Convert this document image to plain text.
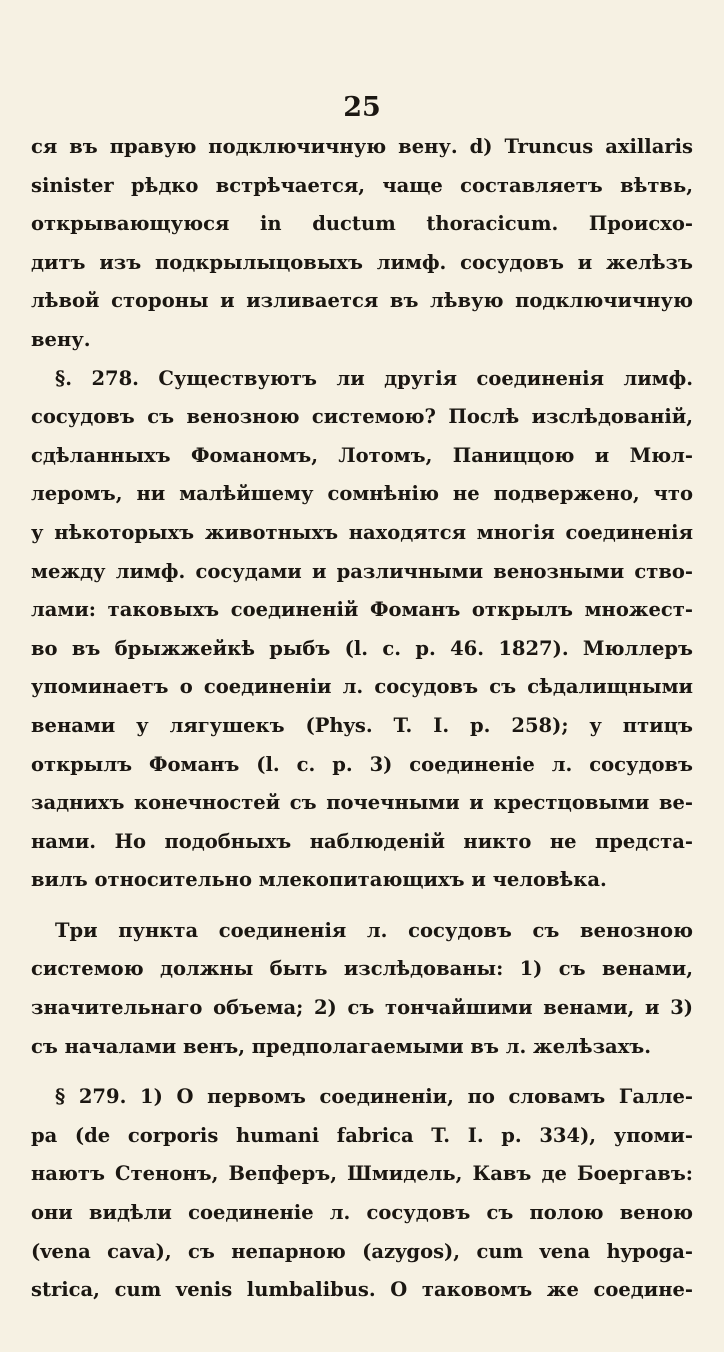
25
ся въ правую подключичную вену. d) Truncus axillaris
sinister рѣдко встрѣчается, чаще составляетъ вѣтвь,
открывающуюся in ductum thoracicum. Происхо-
дитъ изъ подкрылыцовыхъ лимф. сосудовъ и желѣзъ
лѣвой стороны и изливается въ лѣвую подключичную
вену.
§. 278. Существуютъ ли другія соединенія лимф.
сосудовъ съ венозною системою? Послѣ изслѣдованій,
сдѣланныхъ Фоманомъ, Лотомъ, Паниццою и Мюл-
леромъ, ни малѣйшему сомнѣнію не подвержено, что
у нѣкоторыхъ животныхъ находятся многія соединенія
между лимф. сосудами и различными венозными ство-
лами: таковыхъ соединеній Фоманъ открылъ множест-
во въ брыжжейкѣ рыбъ (l. c. p. 46. 1827). Мюллеръ
упоминаетъ о соединеніи л. сосудовъ съ сѣдалищными
венами у лягушекъ (Phys. T. I. p. 258); у птицъ
открылъ Фоманъ (l. c. p. 3) соединеніе л. сосудовъ
заднихъ конечностей съ почечными и крестцовыми ве-
нами. Но подобныхъ наблюденій никто не предста-
вилъ относительно млекопитающихъ и человѣка.
Три пункта соединенія л. сосудовъ съ венозною
системою должны быть изслѣдованы: 1) съ венами,
значительнаго объема; 2) съ тончайшими венами, и 3)
съ началами венъ, предполагаемыми въ л. желѣзахъ.
§ 279. 1) О первомъ соединеніи, по словамъ Галле-
ра (de corporis humani fabrica T. I. p. 334), упоми-
наютъ Стенонъ, Вепферъ, Шмидель, Кавъ де Боергавъ:
они видѣли соединеніе л. сосудовъ съ полою веною
(vena cava), съ непарною (azygos), cum vena hypoga-
strica, cum venis lumbalibus. О таковомъ же соедине-
